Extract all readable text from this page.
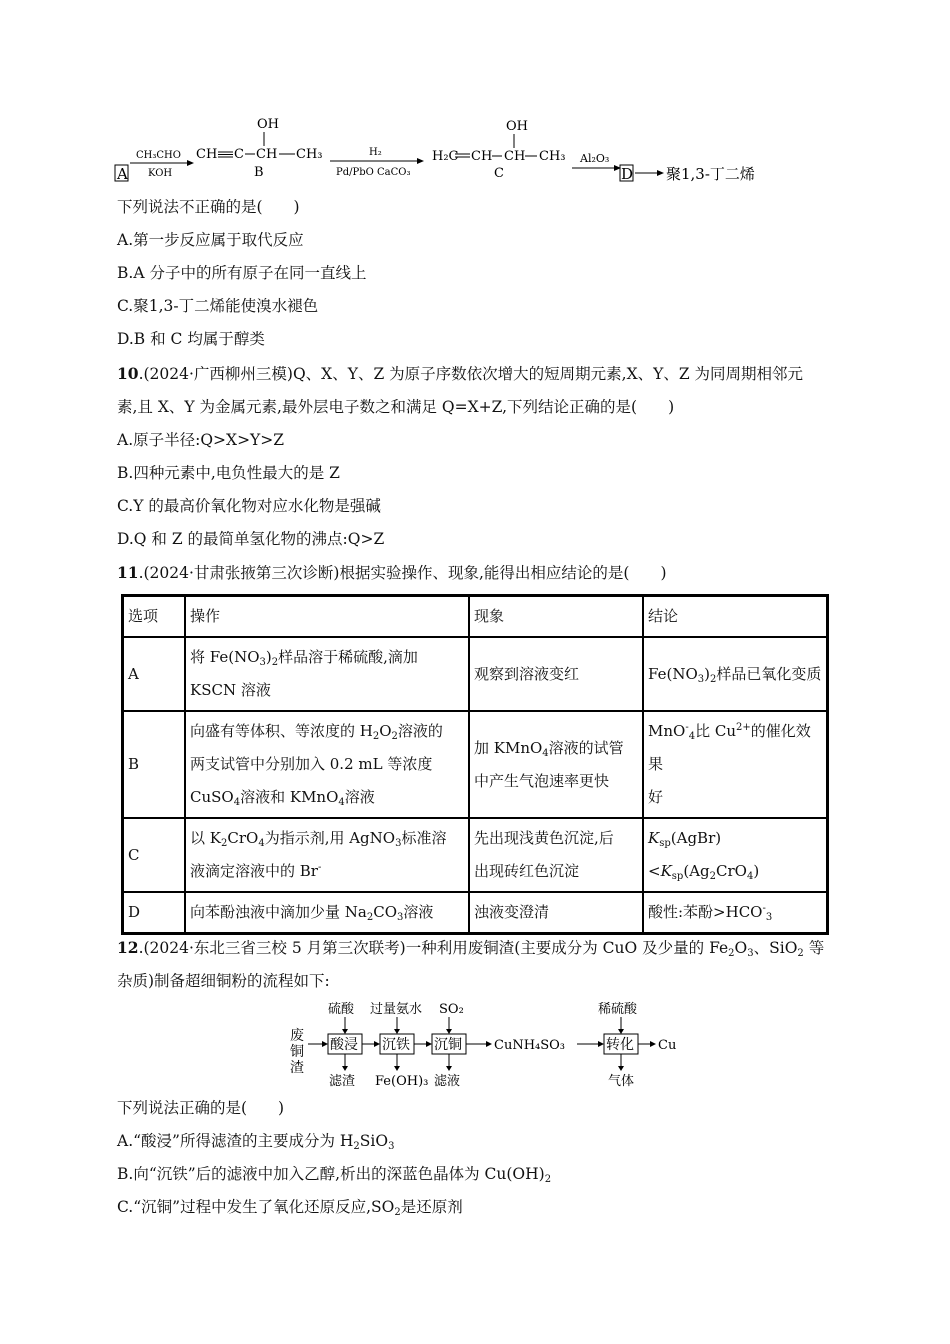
A
CH₃CHO
KOH
OH
CH C CH CH₃
B
H₂
Pd/PbO CaCO₃
OH
H₂C CH CH CH₃
C
Al₂O₃
D 聚1,3-丁二烯
下列说法不正确的是(　　)
A.第一步反应属于取代反应
B.A 分子中的所有原子在同一直线上
C.聚1,3-丁二烯能使溴水褪色
D.B 和 C 均属于醇类
10.(2024·广西柳州三模)Q、X、Y、Z 为原子序数依次增大的短周期元素,X、Y、Z 为同周期相邻元
素,且 X、Y 为金属元素,最外层电子数之和满足 Q=X+Z,下列结论正确的是(　　)
A.原子半径:Q>X>Y>Z
B.四种元素中,电负性最大的是 Z
C.Y 的最高价氧化物对应水化物是强碱
D.Q 和 Z 的最简单氢化物的沸点:Q>Z
11.(2024·甘肃张掖第三次诊断)根据实验操作、现象,能得出相应结论的是(　　)
选项	操作	现象	结论
A	将 $Fe(NO_3)_2$样品溶于稀硫酸,滴加
KSCN 溶液	观察到溶液变红	$Fe(NO_3)_2$样品已氧化变质
B	向盛有等体积、等浓度的 $H_2O_2$溶液的
两支试管中分别加入 0.2 mL 等浓度
CuSO$_4$溶液和 KMnO$_4$溶液	加 KMnO$_4$溶液的试管
中产生气泡速率更快	MnO-$_4$比 $Cu^{2+}$的催化效果
好
C	以 $K_2CrO_4$为指示剂,用 AgNO$_3$标准溶
液滴定溶液中的 Br-	先出现浅黄色沉淀,后
出现砖红色沉淀	$K_{sp}(AgBr)<K_{sp}(Ag_2CrO_4)$
D	向苯酚浊液中滴加少量 $Na_2CO_3$溶液	浊液变澄清	酸性:苯酚$>HCO^-_3$
12.(2024·东北三省三校 5 月第三次联考)一种利用废铜渣(主要成分为 CuO 及少量的 $Fe_2O_3$、SiO$_2$ 等
杂质)制备超细铜粉的流程如下:
废
铜
渣
酸浸
硫酸
滤渣
沉铁
过量氨水
Fe(OH)₃
沉铜
SO₂
滤液
CuNH₄SO₃	转化
稀硫酸
气体
Cu
下列说法正确的是(　　)
A.“酸浸”所得滤渣的主要成分为 $H_2SiO_3$
B.向“沉铁”后的滤液中加入乙醇,析出的深蓝色晶体为 $Cu(OH)_2$
C.“沉铜”过程中发生了氧化还原反应$,SO_2$是还原剂
